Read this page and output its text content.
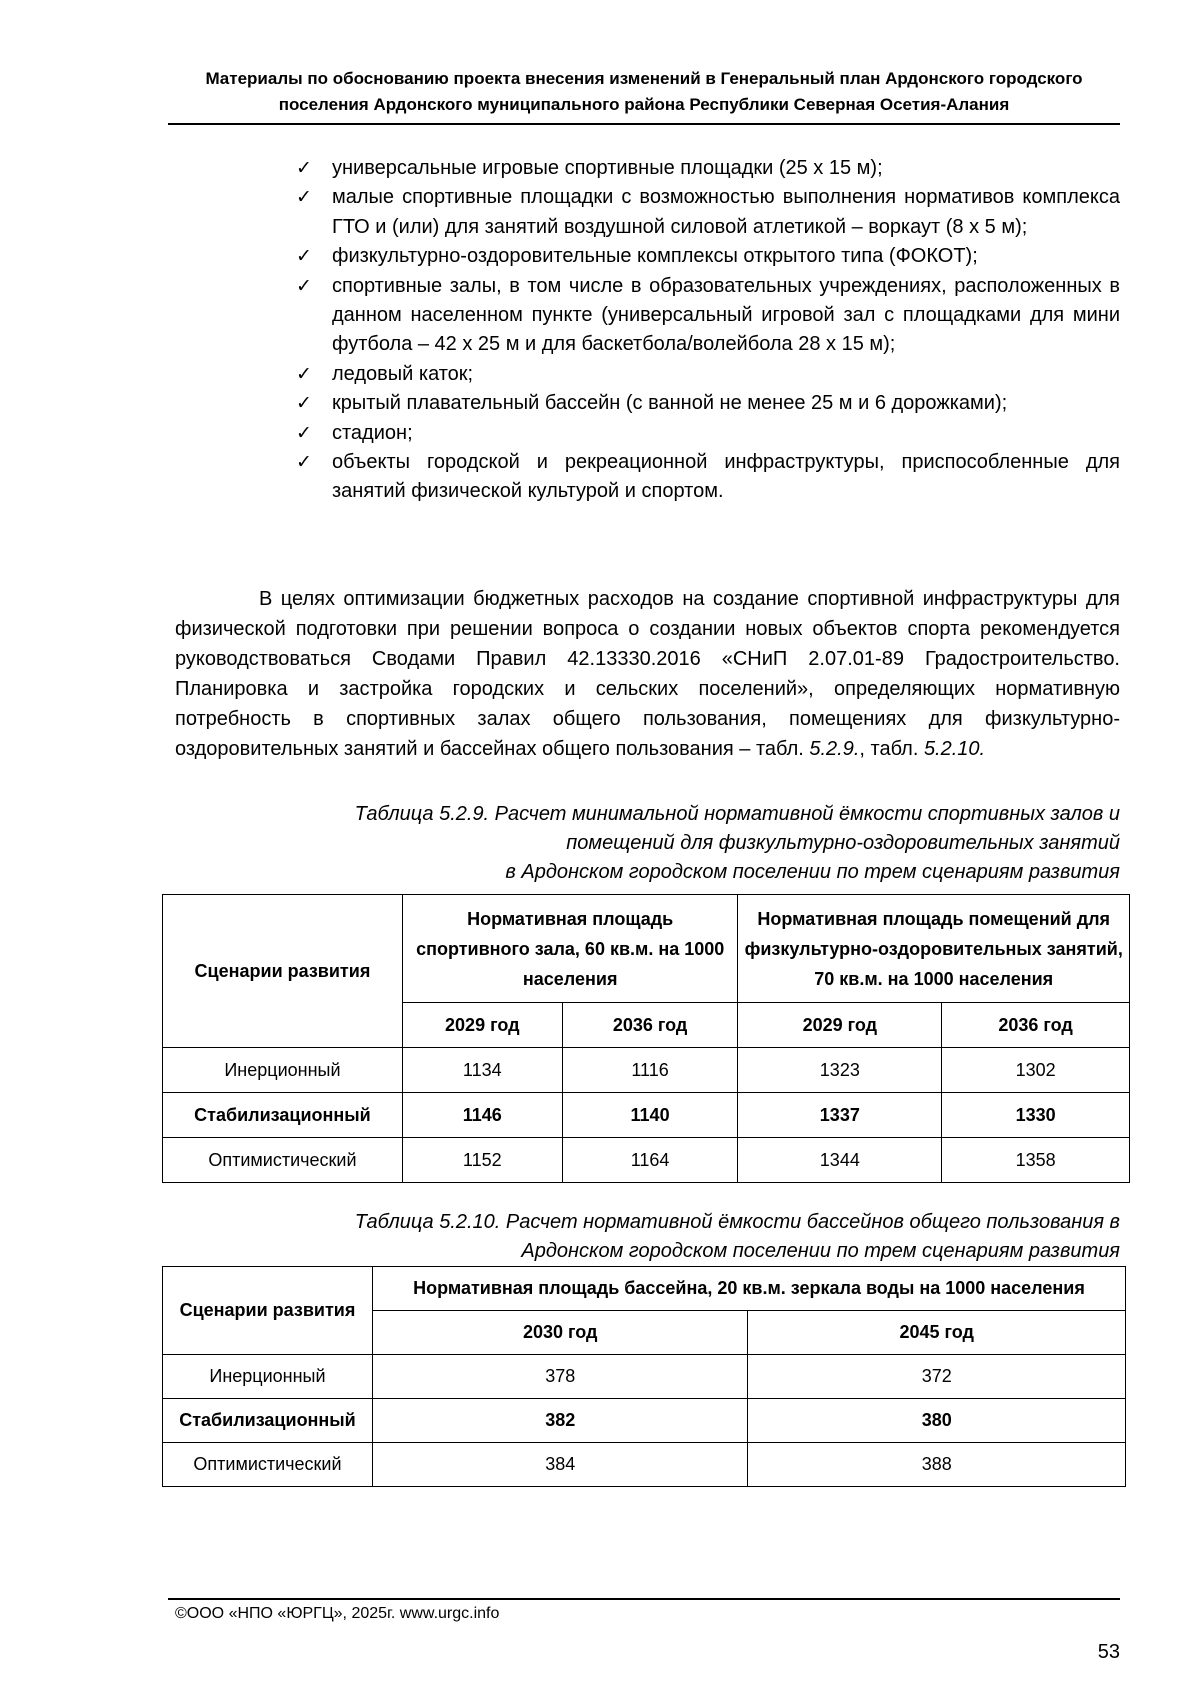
Материалы по обоснованию проекта внесения изменений в Генеральный план Ардонского городского
поселения Ардонского муниципального района Республики Северная Осетия-Алания
✓ универсальные игровые спортивные площадки (25 х 15 м);
✓ малые спортивные площадки с возможностью выполнения нормативов комплекса ГТО и (или) для занятий воздушной силовой атлетикой – воркаут (8 х 5 м);
✓ физкультурно-оздоровительные комплексы открытого типа (ФОКОТ);
✓ спортивные залы, в том числе в образовательных учреждениях, расположенных в данном населенном пункте (универсальный игровой зал с площадками для мини футбола – 42 х 25 м и для баскетбола/волейбола 28 х 15 м);
✓ ледовый каток;
✓ крытый плавательный бассейн (с ванной не менее 25 м и 6 дорожками);
✓ стадион;
✓ объекты городской и рекреационной инфраструктуры, приспособленные для занятий физической культурой и спортом.

В целях оптимизации бюджетных расходов на создание спортивной инфраструктуры для физической подготовки при решении вопроса о создании новых объектов спорта рекомендуется руководствоваться Сводами Правил 42.13330.2016 «СНиП 2.07.01-89 Градостроительство. Планировка и застройка городских и сельских поселений», определяющих нормативную потребность в спортивных залах общего пользования, помещениях для физкультурно-оздоровительных занятий и бассейнах общего пользования – табл. 5.2.9., табл. 5.2.10.

Таблица 5.2.9. Расчет минимальной нормативной ёмкости спортивных залов и
помещений для физкультурно-оздоровительных занятий
в Ардонском городском поселении по трем сценариям развития
Сценарии развития	Нормативная площадь спортивного зала, 60 кв.м. на 1000 населения		Нормативная площадь помещений для физкультурно-оздоровительных занятий, 70 кв.м. на 1000 населения	
	2029 год	2036 год	2029 год	2036 год
Инерционный	1134	1116	1323	1302
Стабилизационный	1146	1140	1337	1330
Оптимистический	1152	1164	1344	1358
Таблица 5.2.10. Расчет нормативной ёмкости бассейнов общего пользования в
Ардонском городском поселении по трем сценариям развития
Сценарии развития	Нормативная площадь бассейна, 20 кв.м. зеркала воды на 1000 населения	
	2030 год	2045 год
Инерционный	378	372
Стабилизационный	382	380
Оптимистический	384	388
©ООО «НПО «ЮРГЦ», 2025г. www.urgc.info
53
